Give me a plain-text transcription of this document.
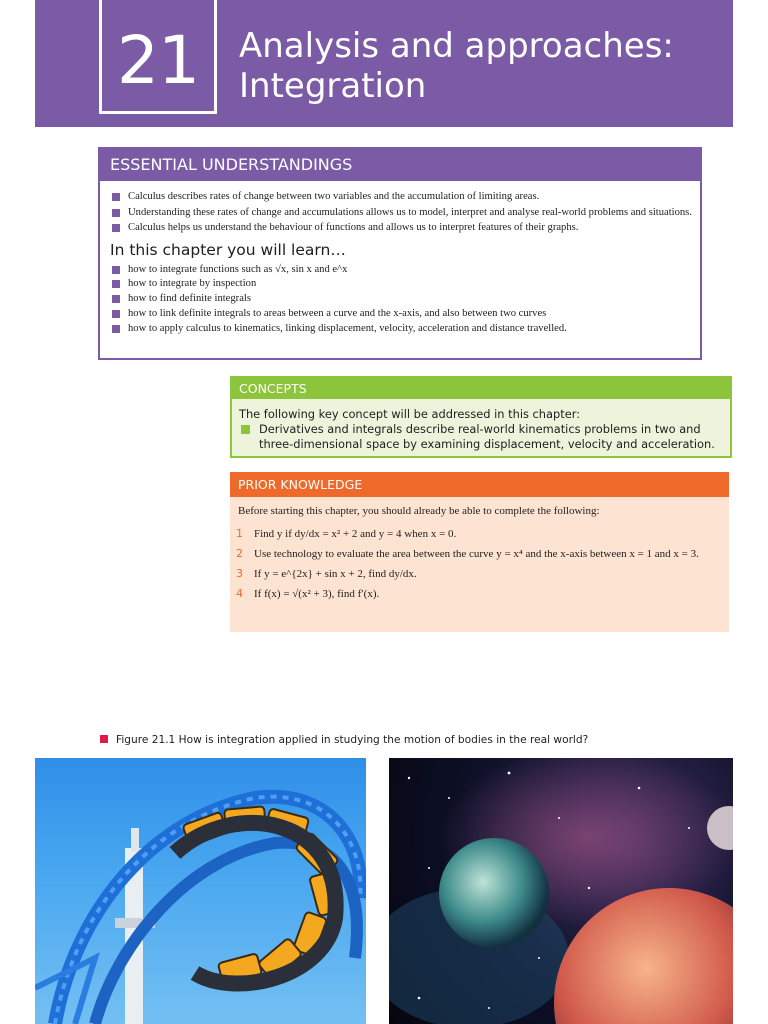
21 Analysis and approaches:
Integration
ESSENTIAL UNDERSTANDINGS
Calculus describes rates of change between two variables and the accumulation of limiting areas.
Understanding these rates of change and accumulations allows us to model, interpret and analyse real-world problems and situations.
Calculus helps us understand the behaviour of functions and allows us to interpret features of their graphs.
In this chapter you will learn…
how to integrate functions such as √x, sin x and e^x
how to integrate by inspection
how to find definite integrals
how to link definite integrals to areas between a curve and the x-axis, and also between two curves
how to apply calculus to kinematics, linking displacement, velocity, acceleration and distance travelled.
CONCEPTS
The following key concept will be addressed in this chapter:
Derivatives and integrals describe real-world kinematics problems in two and three-dimensional space by examining displacement, velocity and acceleration.
PRIOR KNOWLEDGE
Before starting this chapter, you should already be able to complete the following:
1 Find y if dy/dx = x² + 2 and y = 4 when x = 0.
2 Use technology to evaluate the area between the curve y = x⁴ and the x-axis between x = 1 and x = 3.
3 If y = e^{2x} + sin x + 2, find dy/dx.
4 If f(x) = √(x² + 3), find f′(x).
Figure 21.1 How is integration applied in studying the motion of bodies in the real world?
